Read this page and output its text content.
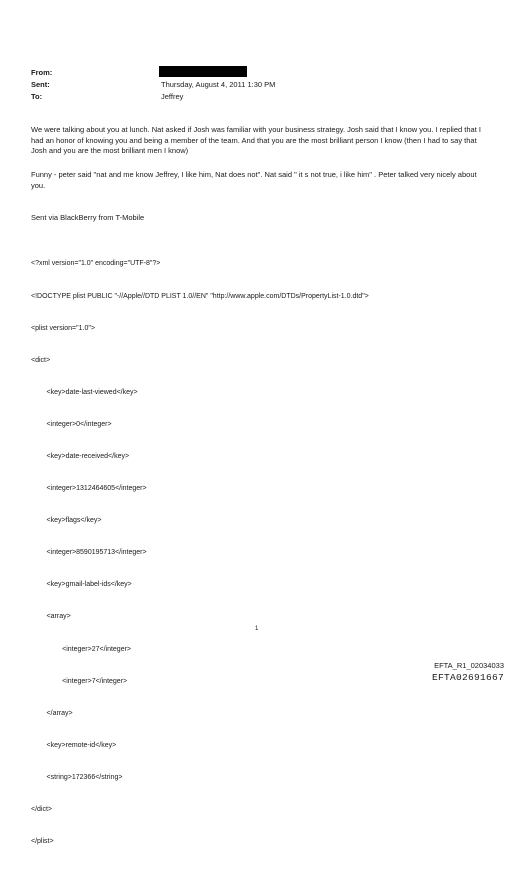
From:
Sent:	Thursday, August 4, 2011 1:30 PM
To:	Jeffrey
We were talking about you at lunch. Nat asked if Josh was familiar with your business strategy. Josh said that I know you. I replied that I had an honor of knowing you and being a member of the team. And that you are the most brilliant person I know (then I had to say that Josh and you are the most brilliant men I know)
Funny - peter said "nat and me know Jeffrey, I like him, Nat does not". Nat said " it s not true, i like him" . Peter talked very nicely about you.
Sent via BlackBerry from T-Mobile

<?xml version="1.0" encoding="UTF-8"?>

<!DOCTYPE plist PUBLIC "-//Apple//DTD PLIST 1.0//EN" "http://www.apple.com/DTDs/PropertyList-1.0.dtd">

<plist version="1.0">

<dict>

<key>date-last-viewed</key>

<integer>0</integer>

<key>date-received</key>

<integer>1312464605</integer>

<key>flags</key>

<integer>8590195713</integer>

<key>gmail-label-ids</key>

<array>

<integer>27</integer>

<integer>7</integer>

</array>

<key>remote-id</key>

<string>172366</string>

</dict>

</plist>

1
EFTA_R1_02034033
EFTA02691667
